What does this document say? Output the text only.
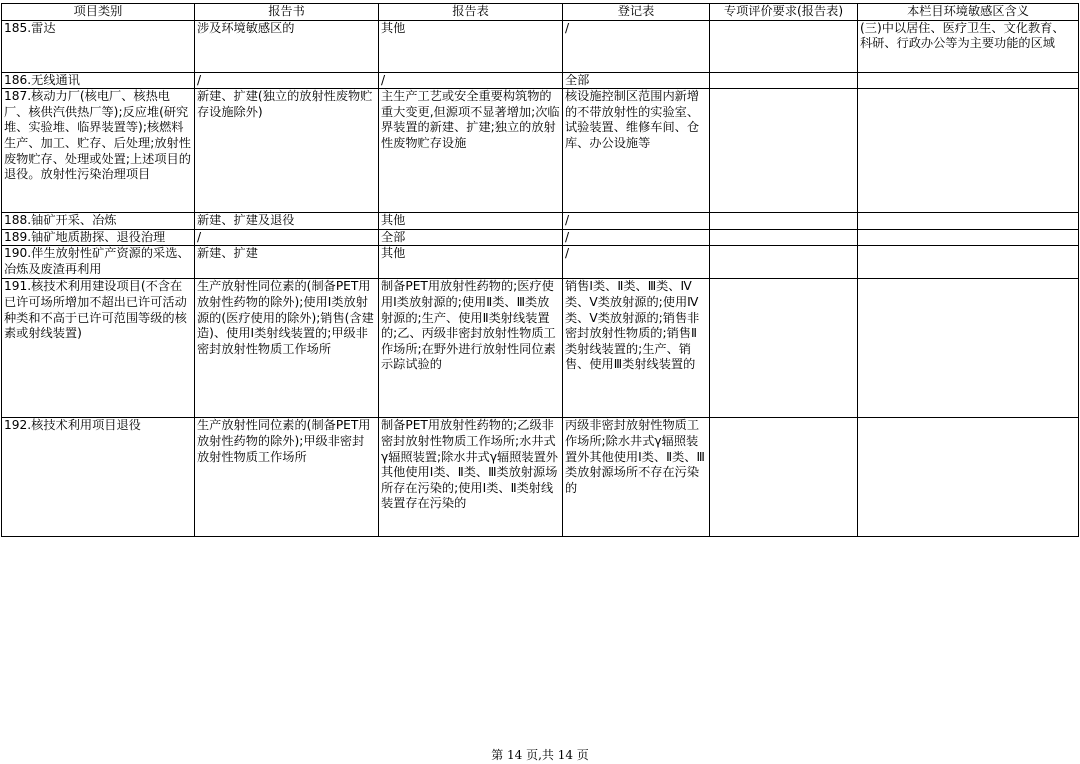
项目类别	报告书	报告表	登记表	专项评价要求(报告表)	本栏目环境敏感区含义
185.雷达	涉及环境敏感区的	其他	/		(三)中以居住、医疗卫生、文化教育、科研、行政办公等为主要功能的区域
186.无线通讯	/	/	全部		
187.核动力厂(核电厂、核热电厂、核供汽供热厂等);反应堆(研究堆、实验堆、临界装置等);核燃料生产、加工、贮存、后处理;放射性废物贮存、处理或处置;上述项目的退役。放射性污染治理项目	新建、扩建(独立的放射性废物贮存设施除外)	主生产工艺或安全重要构筑物的重大变更,但源项不显著增加;次临界装置的新建、扩建;独立的放射性废物贮存设施	核设施控制区范围内新增的不带放射性的实验室、试验装置、维修车间、仓库、办公设施等		
188.铀矿开采、冶炼	新建、扩建及退役	其他	/		
189.铀矿地质勘探、退役治理	/	全部	/		
190.伴生放射性矿产资源的采选、冶炼及废渣再利用	新建、扩建	其他	/		
191.核技术利用建设项目(不含在已许可场所增加不超出已许可活动种类和不高于已许可范围等级的核素或射线装置)	生产放射性同位素的(制备PET用放射性药物的除外);使用Ⅰ类放射源的(医疗使用的除外);销售(含建造)、使用Ⅰ类射线装置的;甲级非密封放射性物质工作场所	制备PET用放射性药物的;医疗使用Ⅰ类放射源的;使用Ⅱ类、Ⅲ类放射源的;生产、使用Ⅱ类射线装置的;乙、丙级非密封放射性物质工作场所;在野外进行放射性同位素示踪试验的	销售Ⅰ类、Ⅱ类、Ⅲ类、Ⅳ类、Ⅴ类放射源的;使用Ⅳ类、Ⅴ类放射源的;销售非密封放射性物质的;销售Ⅱ类射线装置的;生产、销售、使用Ⅲ类射线装置的		
192.核技术利用项目退役	生产放射性同位素的(制备PET用放射性药物的除外);甲级非密封放射性物质工作场所	制备PET用放射性药物的;乙级非密封放射性物质工作场所;水井式γ辐照装置;除水井式γ辐照装置外其他使用Ⅰ类、Ⅱ类、Ⅲ类放射源场所存在污染的;使用Ⅰ类、Ⅱ类射线装置存在污染的	丙级非密封放射性物质工作场所;除水井式γ辐照装置外其他使用Ⅰ类、Ⅱ类、Ⅲ类放射源场所不存在污染的		
第 14 页,共 14 页
